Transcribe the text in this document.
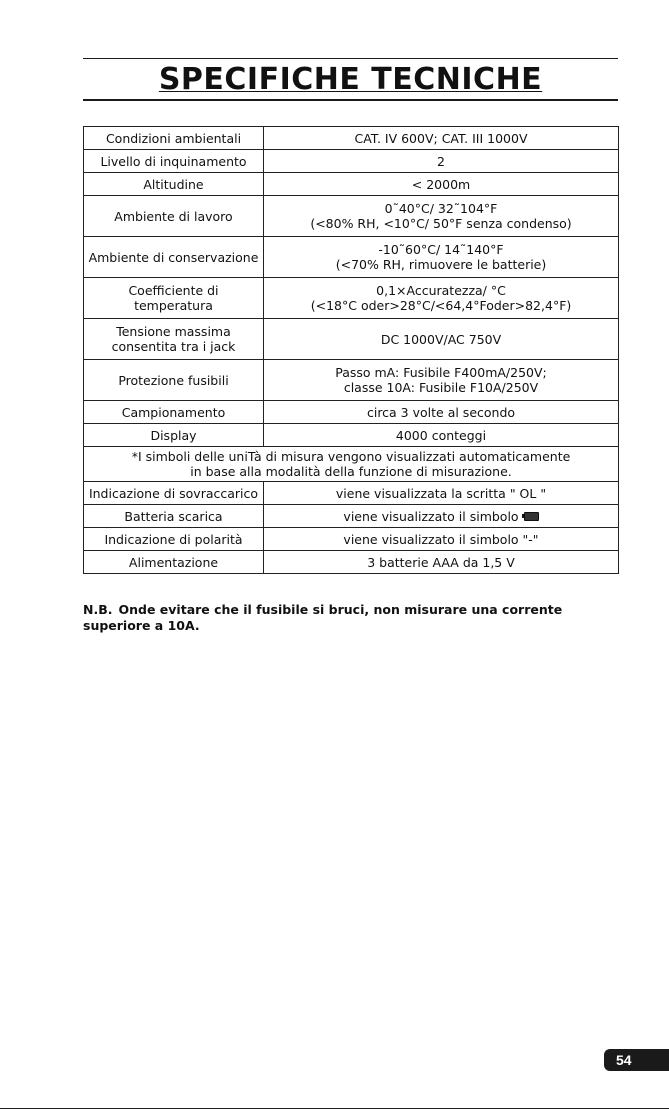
SPECIFICHE TECNICHE
Condizioni ambientali	CAT. IV 600V; CAT. III 1000V
Livello di inquinamento	2
Altitudine	< 2000m
Ambiente di lavoro	0˜40°C/ 32˜104°F
(<80% RH, <10°C/ 50°F senza condenso)

Ambiente di conservazione	-10˜60°C/ 14˜140°F
(<70% RH, rimuovere le batterie)

Coefficiente di temperatura	0,1×Accuratezza/ °C
(<18°C oder>28°C/<64,4°Foder>82,4°F)

Tensione massima
consentita tra i jack	DC 1000V/AC 750V
Protezione fusibili	Passo mA: Fusibile F400mA/250V;
classe 10A: Fusibile F10A/250V

Campionamento	circa 3 volte al secondo
Display	4000 conteggi

*I simboli delle uniTà di misura vengono visualizzati automaticamente
in base alla modalità della funzione di misurazione.	

Indicazione di sovraccarico	viene visualizzata la scritta " OL "
Batteria scarica	viene visualizzato il simbolo
Indicazione di polarità	viene visualizzato il simbolo "-"
Alimentazione	3 batterie AAA da 1,5 V
N.B. Onde evitare che il fusibile si bruci, non misurare una corrente superiore a 10A.
54
